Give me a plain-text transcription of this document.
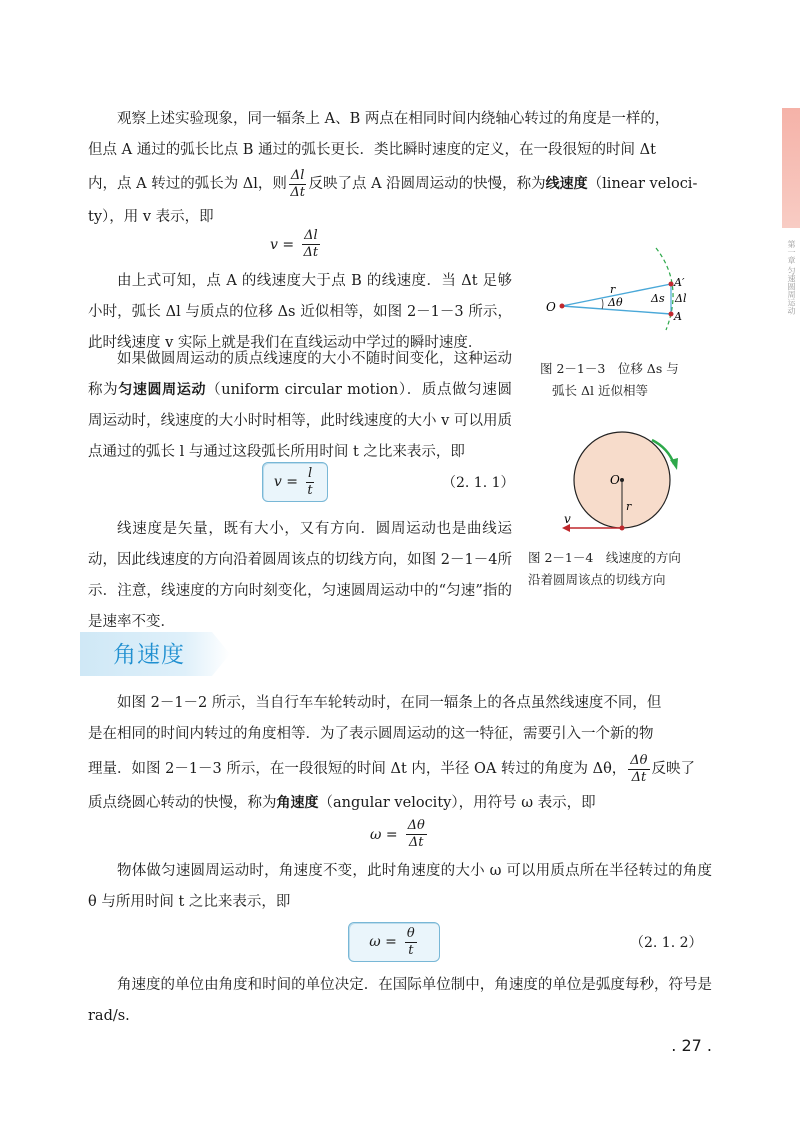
第一章 匀速圆周运动

观察上述实验现象，同一辐条上 A、B 两点在相同时间内绕轴心转过的角度是一样的，

但点 A 通过的弧长比点 B 通过的弧长更长．类比瞬时速度的定义，在一段很短的时间 Δt

内，点 A 转过的弧长为 Δl，则 $\frac{\Delta l}{\Delta t}$ 反映了点 A 沿圆周运动的快慢，称为线速度（linear veloci-

ty），用 v 表示，即

$v = \frac{\Delta l}{\Delta t}$

由上式可知，点 A 的线速度大于点 B 的线速度．当 Δt 足够小时，弧长 Δl 与质点的位移 Δs 近似相等，如图 2－1－3 所示，此时线速度 v 实际上就是我们在直线运动中学过的瞬时速度．

如果做圆周运动的质点线速度的大小不随时间变化，这种运动称为匀速圆周运动（uniform circular motion）．质点做匀速圆周运动时，线速度的大小时时相等，此时线速度的大小 v 可以用质点通过的弧长 l 与通过这段弧长所用时间 t 之比来表示，即

$v = \frac{l}{t}$	（2. 1. 1）

线速度是矢量，既有大小，又有方向．圆周运动也是曲线运动，因此线速度的方向沿着圆周该点的切线方向，如图 2－1－4所示．注意，线速度的方向时刻变化，匀速圆周运动中的“匀速”指的是速率不变．

O
r
Δθ	Δs Δl
A′
A
图 2－1－3　位移 Δs 与
弧长 Δl 近似相等
O
r
v
图 2－1－4　线速度的方向
沿着圆周该点的切线方向
角速度

如图 2－1－2 所示，当自行车车轮转动时，在同一辐条上的各点虽然线速度不同，但

是在相同的时间内转过的角度相等．为了表示圆周运动的这一特征，需要引入一个新的物

理量．如图 2－1－3 所示，在一段很短的时间 Δt 内，半径 OA 转过的角度为 Δθ， $\frac{\Delta\theta}{\Delta t}$ 反映了

质点绕圆心转动的快慢，称为角速度（angular velocity），用符号 ω 表示，即

$\omega = \frac{\Delta\theta}{\Delta t}$

物体做匀速圆周运动时，角速度不变，此时角速度的大小 ω 可以用质点所在半径转过的角度 θ 与所用时间 t 之比来表示，即

$\omega = \frac{\theta}{t}$	（2. 1. 2）

角速度的单位由角度和时间的单位决定．在国际单位制中，角速度的单位是弧度每秒，符号是 rad/s.

. 27 .
